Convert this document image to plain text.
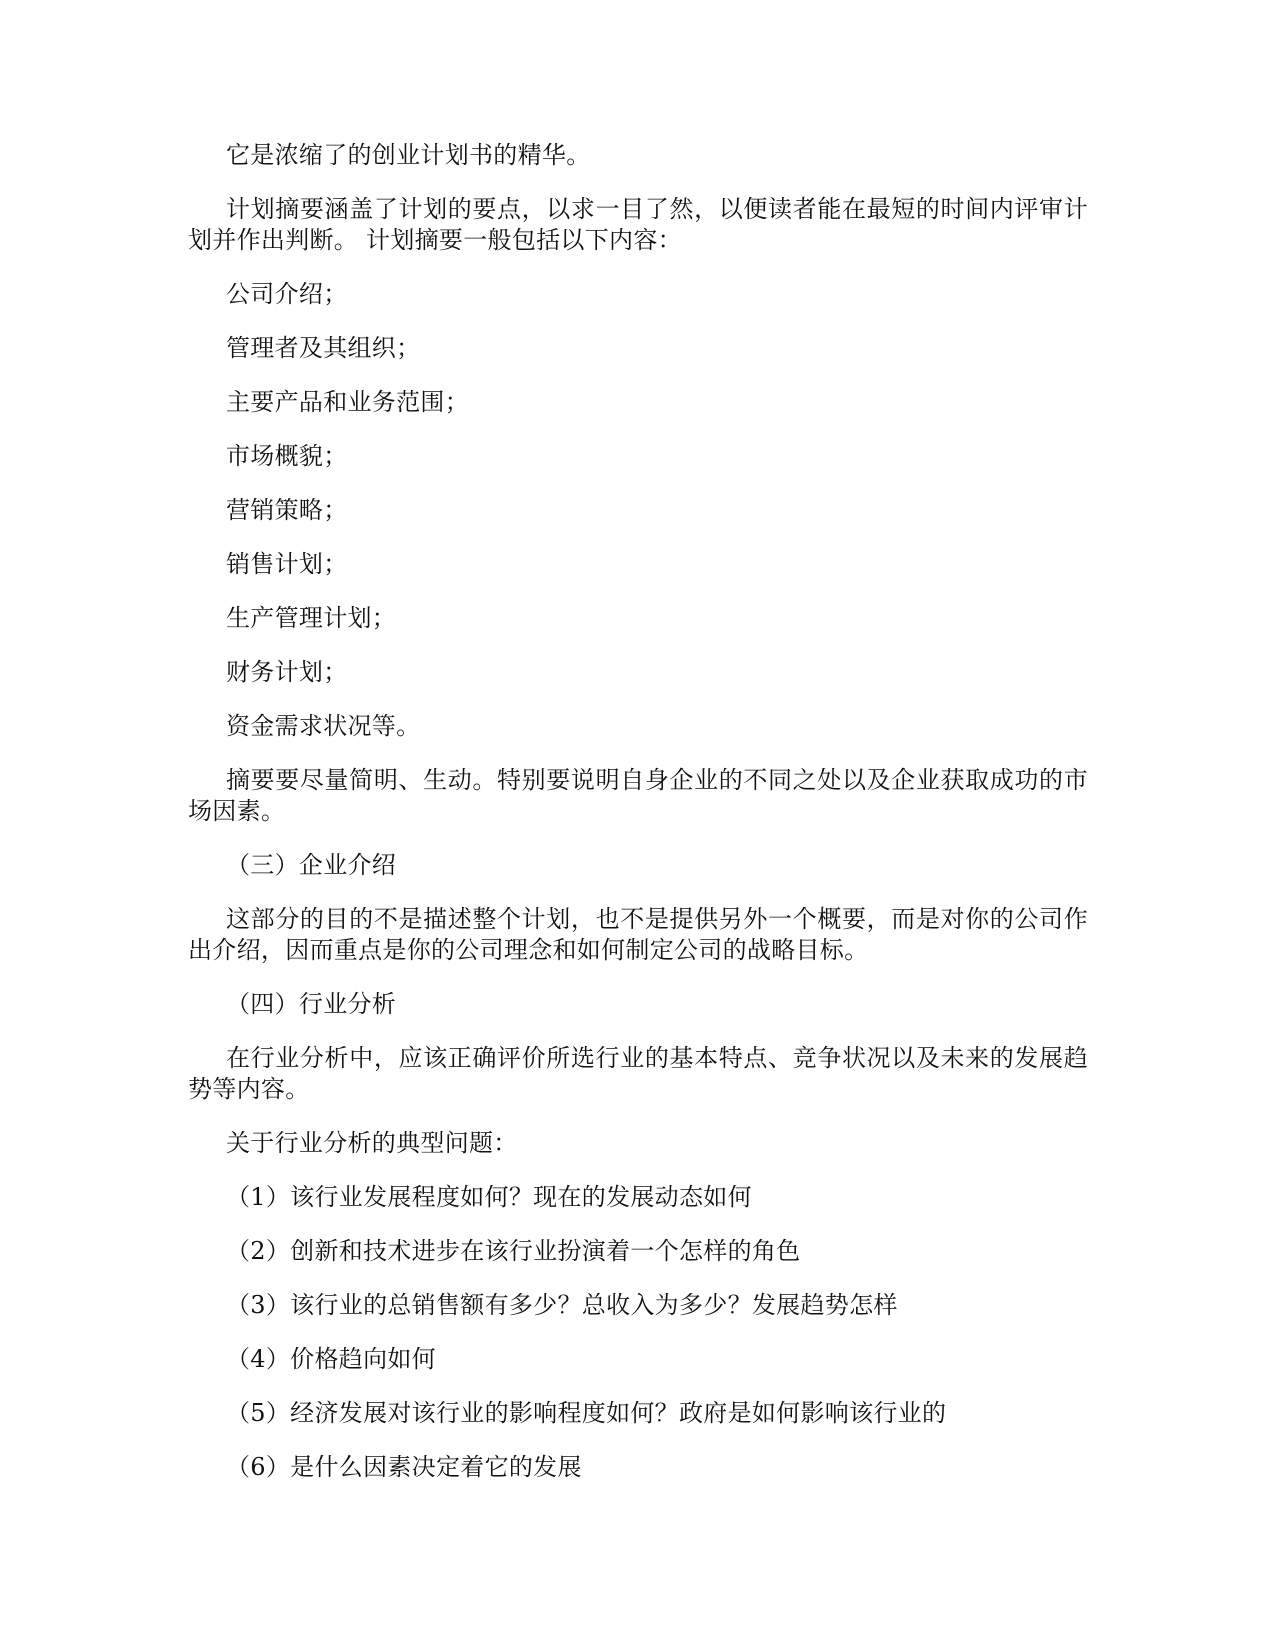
它是浓缩了的创业计划书的精华。

计划摘要涵盖了计划的要点，以求一目了然，以便读者能在最短的时间内评审计划并作出判断。 计划摘要一般包括以下内容：

公司介绍；

管理者及其组织；

主要产品和业务范围；

市场概貌；

营销策略；

销售计划；

生产管理计划；

财务计划；

资金需求状况等。

摘要要尽量简明、生动。特别要说明自身企业的不同之处以及企业获取成功的市场因素。

（三）企业介绍

这部分的目的不是描述整个计划，也不是提供另外一个概要，而是对你的公司作出介绍，因而重点是你的公司理念和如何制定公司的战略目标。

（四）行业分析

在行业分析中，应该正确评价所选行业的基本特点、竞争状况以及未来的发展趋势等内容。

关于行业分析的典型问题：

（1）该行业发展程度如何？现在的发展动态如何

（2）创新和技术进步在该行业扮演着一个怎样的角色

（3）该行业的总销售额有多少？总收入为多少？发展趋势怎样

（4）价格趋向如何

（5）经济发展对该行业的影响程度如何？政府是如何影响该行业的

（6）是什么因素决定着它的发展
